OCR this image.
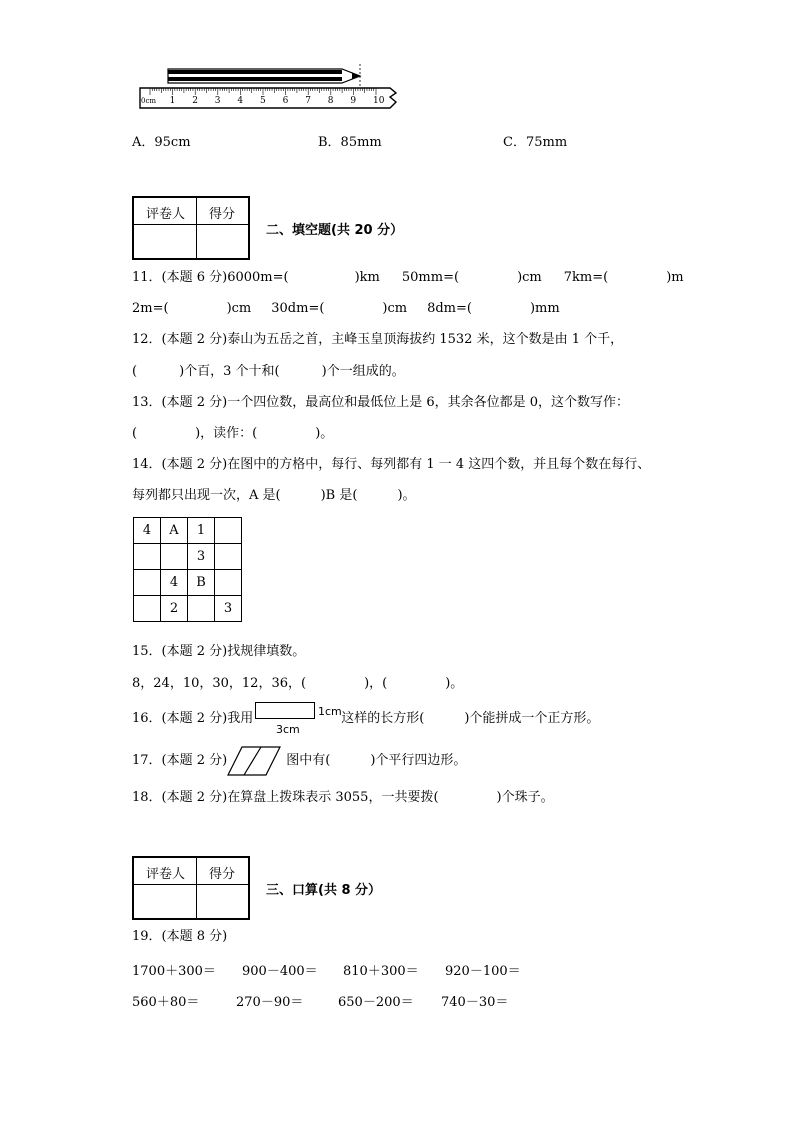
0cm 1 2 3 4 5 6 7 8 9 10
A．95cm	B．85mm	C．75mm
评卷人 得分
二、填空题(共 20 分）
11．(本题 6 分)6000m=(	)km 50mm=(	)cm 7km=(	)m
2m=(	)cm 30dm=(	)cm 8dm=(	)mm
12．(本题 2 分)泰山为五岳之首，主峰玉皇顶海拔约 1532 米，这个数是由 1 个千，
(	)个百，3 个十和(	)个一组成的。
13．(本题 2 分)一个四位数，最高位和最低位上是 6，其余各位都是 0，这个数写作：
(	)，读作：(	)。
14．(本题 2 分)在图中的方格中，每行、每列都有 1 一 4 这四个数，并且每个数在每行、
每列都只出现一次，A 是(	)B 是(	)。
4	A	1	
		3	
	4	B	
	2		3
15．(本题 2 分)找规律填数。
8，24，10，30，12，36，(	)，(	)。
16．(本题 2 分)我用	这样的长方形(	)个能拼成一个正方形。
1cm
3cm
17．(本题 2 分)	图中有(	)个平行四边形。
18．(本题 2 分)在算盘上拨珠表示 3055，一共要拨(	)个珠子。
评卷人 得分
三、口算(共 8 分）
19．(本题 8 分)
1700＋300＝ 900－400＝ 810＋300＝ 920－100＝
560＋80＝	270－90＝	650－200＝ 740－30＝
